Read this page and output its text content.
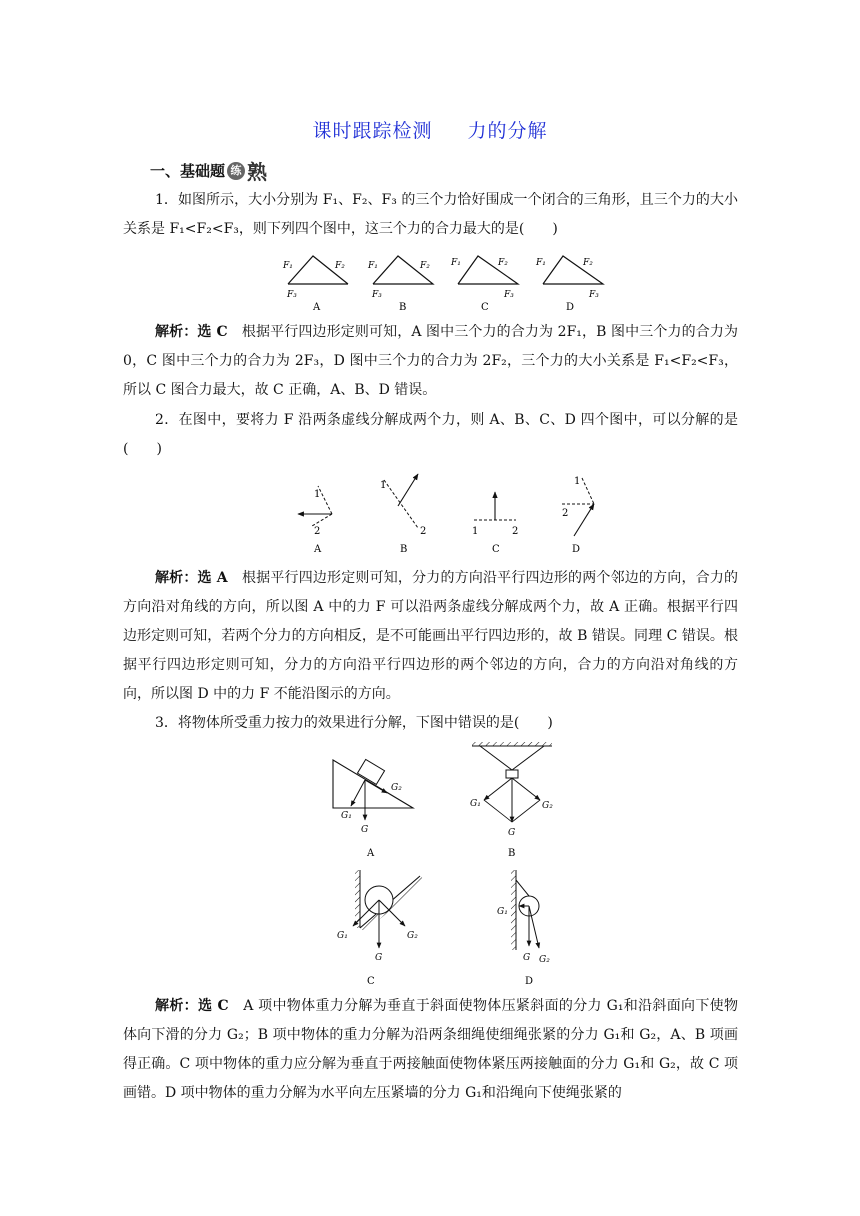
课时跟踪检测 力的分解
一、基础题 练 熟
1．如图所示，大小分别为 F₁、F₂、F₃ 的三个力恰好围成一个闭合的三角形，且三个力的大小关系是 F₁<F₂<F₃，则下列四个图中，这三个力的合力最大的是(　　)
F₁	F₂
F₃
A
F₁	F₂
F₃
B
F₁	F₂
F₃
C
F₁	F₂
F₃
D
解析：选 C　 根据平行四边形定则可知，A 图中三个力的合力为 2F₁，B 图中三个力的合力为 0，C 图中三个力的合力为 2F₃，D 图中三个力的合力为 2F₂，三个力的大小关系是 F₁<F₂<F₃，所以 C 图合力最大，故 C 正确，A、B、D 错误。
2．在图中，要将力 F 沿两条虚线分解成两个力，则 A、B、C、D 四个图中，可以分解的是(　　)
1
2
A
1
2
B
1	2
C
1
2
D
解析：选 A　 根据平行四边形定则可知，分力的方向沿平行四边形的两个邻边的方向，合力的方向沿对角线的方向，所以图 A 中的力 F 可以沿两条虚线分解成两个力，故 A 正确。根据平行四边形定则可知，若两个分力的方向相反，是不可能画出平行四边形的，故 B 错误。同理 C 错误。根据平行四边形定则可知，分力的方向沿平行四边形的两个邻边的方向，合力的方向沿对角线的方向，所以图 D 中的力 F 不能沿图示的方向。
3．将物体所受重力按力的效果进行分解，下图中错误的是(　　)
G
G₁
G₂
A
G
G₁	G₂
B
G
G₁	G₂
C
G
G₁
G₂
D
解析：选 C　 A 项中物体重力分解为垂直于斜面使物体压紧斜面的分力 G₁和沿斜面向下使物体向下滑的分力 G₂；B 项中物体的重力分解为沿两条细绳使细绳张紧的分力 G₁和 G₂，A、B 项画得正确。C 项中物体的重力应分解为垂直于两接触面使物体紧压两接触面的分力 G₁和 G₂，故 C 项画错。D 项中物体的重力分解为水平向左压紧墙的分力 G₁和沿绳向下使绳张紧的
